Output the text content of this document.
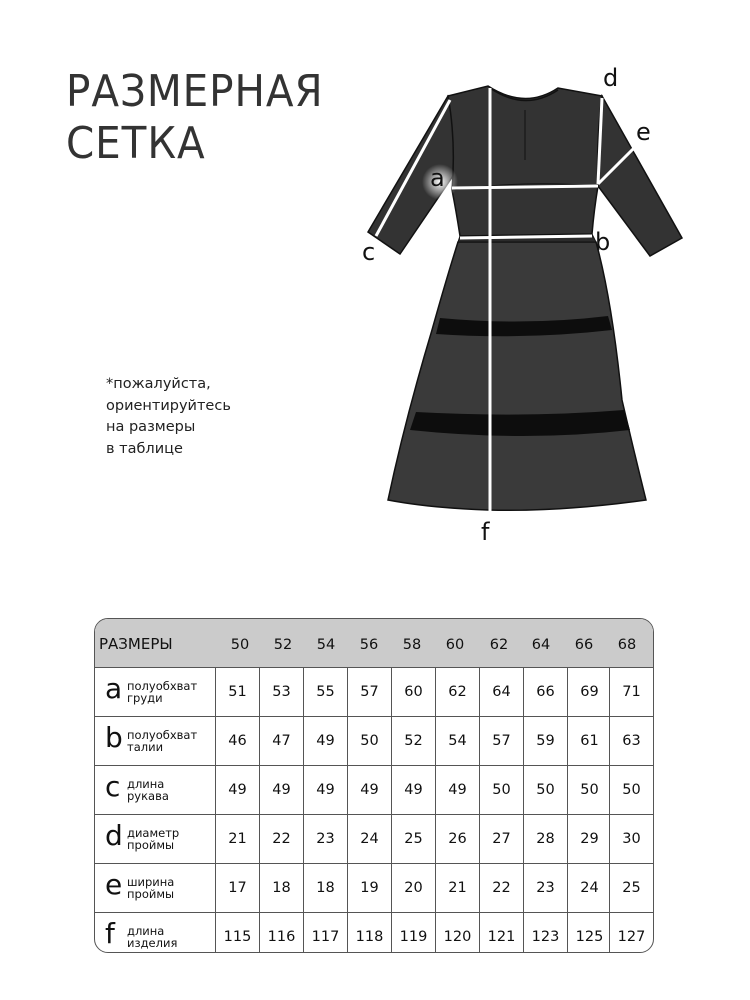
РАЗМЕРНАЯ
СЕТКА
*пожалуйста,
ориентируйтесь
на размеры
в таблице
a
b
c
d
e
f
РАЗМЕРЫ	50	52	54	56	58	60	62	64	66	68
a полуобхват
груди	51	53	55	57	60	62	64	66	69	71
b полуобхват
талии	46	47	49	50	52	54	57	59	61	63
c длина
рукава	49	49	49	49	49	49	50	50	50	50
d диаметр
проймы	21	22	23	24	25	26	27	28	29	30
e ширина
проймы	17	18	18	19	20	21	22	23	24	25
f длина
изделия	115	116	117	118	119	120	121	123	125 127
